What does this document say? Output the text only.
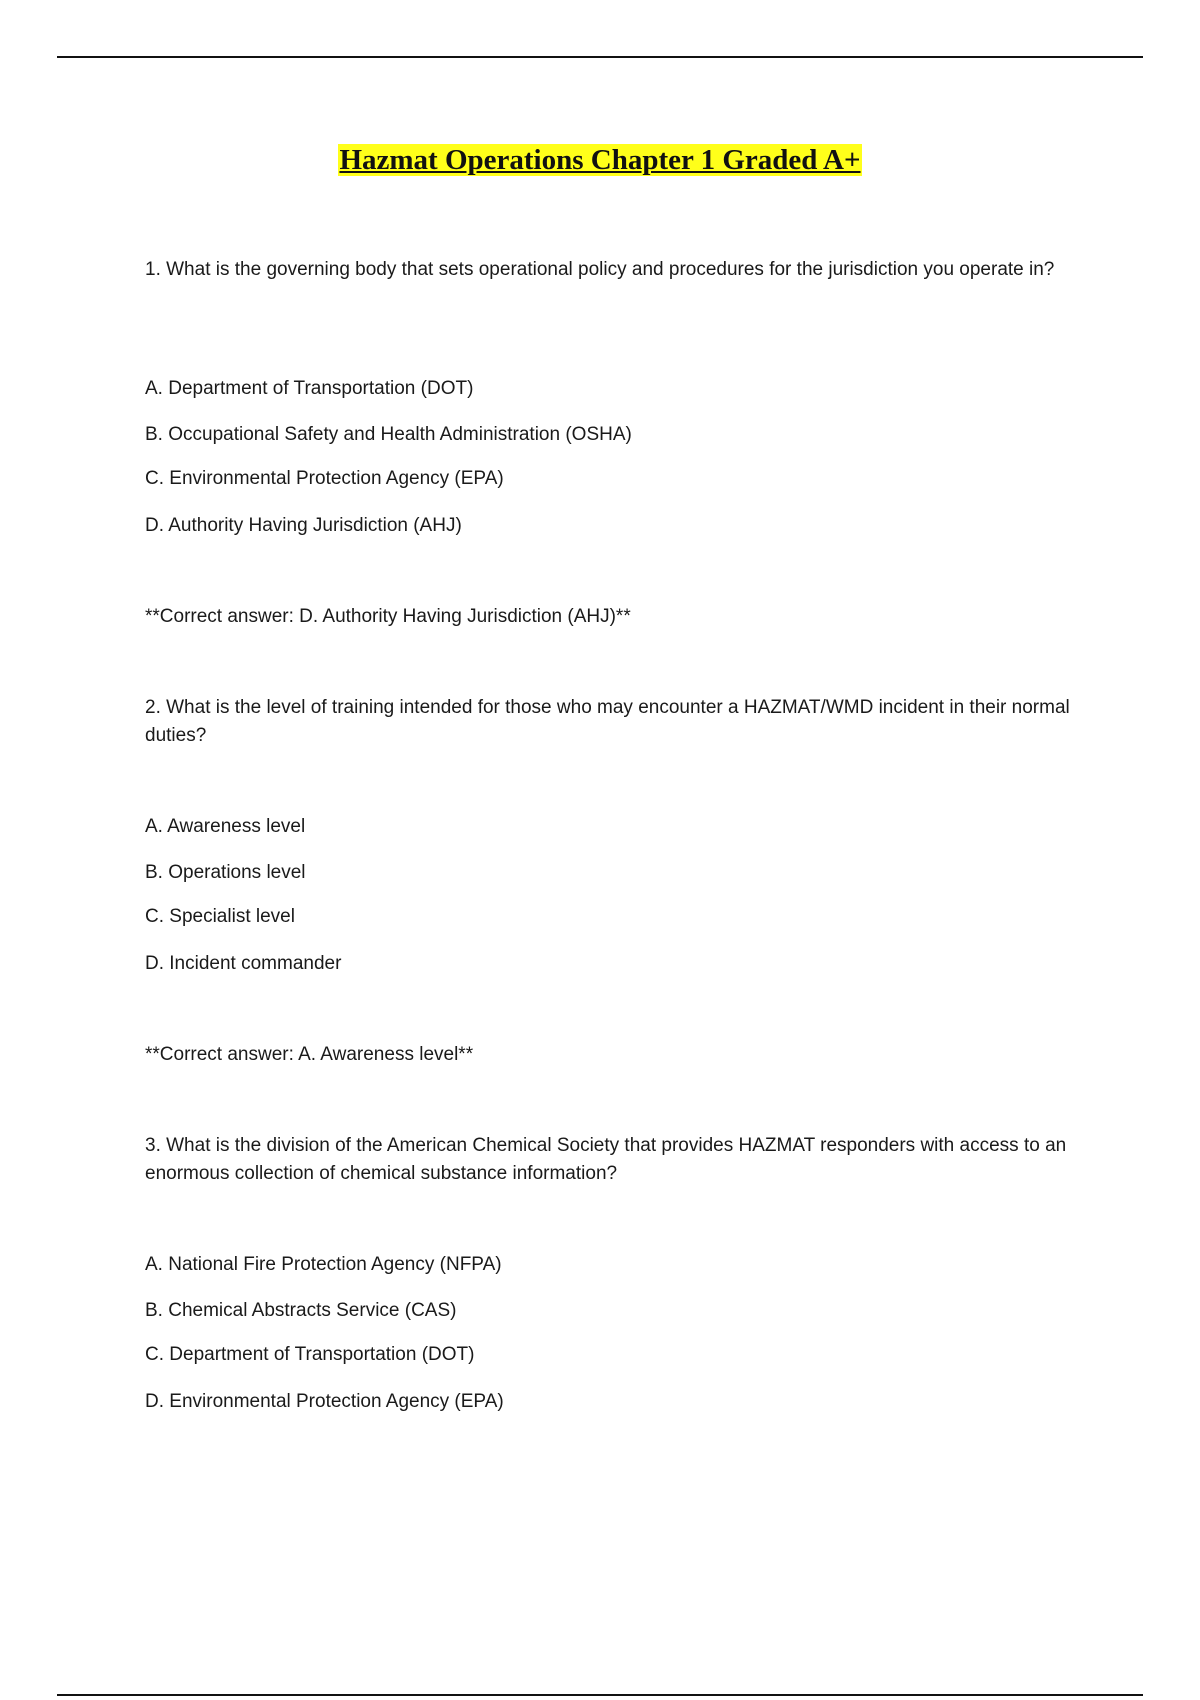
Hazmat Operations Chapter 1 Graded A+
1. What is the governing body that sets operational policy and procedures for the jurisdiction you operate in?
A. Department of Transportation (DOT)
B. Occupational Safety and Health Administration (OSHA)
C. Environmental Protection Agency (EPA)
D. Authority Having Jurisdiction (AHJ)
**Correct answer: D. Authority Having Jurisdiction (AHJ)**
2. What is the level of training intended for those who may encounter a HAZMAT/WMD incident in their normal duties?
A. Awareness level
B. Operations level
C. Specialist level
D. Incident commander
**Correct answer: A. Awareness level**
3. What is the division of the American Chemical Society that provides HAZMAT responders with access to an enormous collection of chemical substance information?
A. National Fire Protection Agency (NFPA)
B. Chemical Abstracts Service (CAS)
C. Department of Transportation (DOT)
D. Environmental Protection Agency (EPA)
